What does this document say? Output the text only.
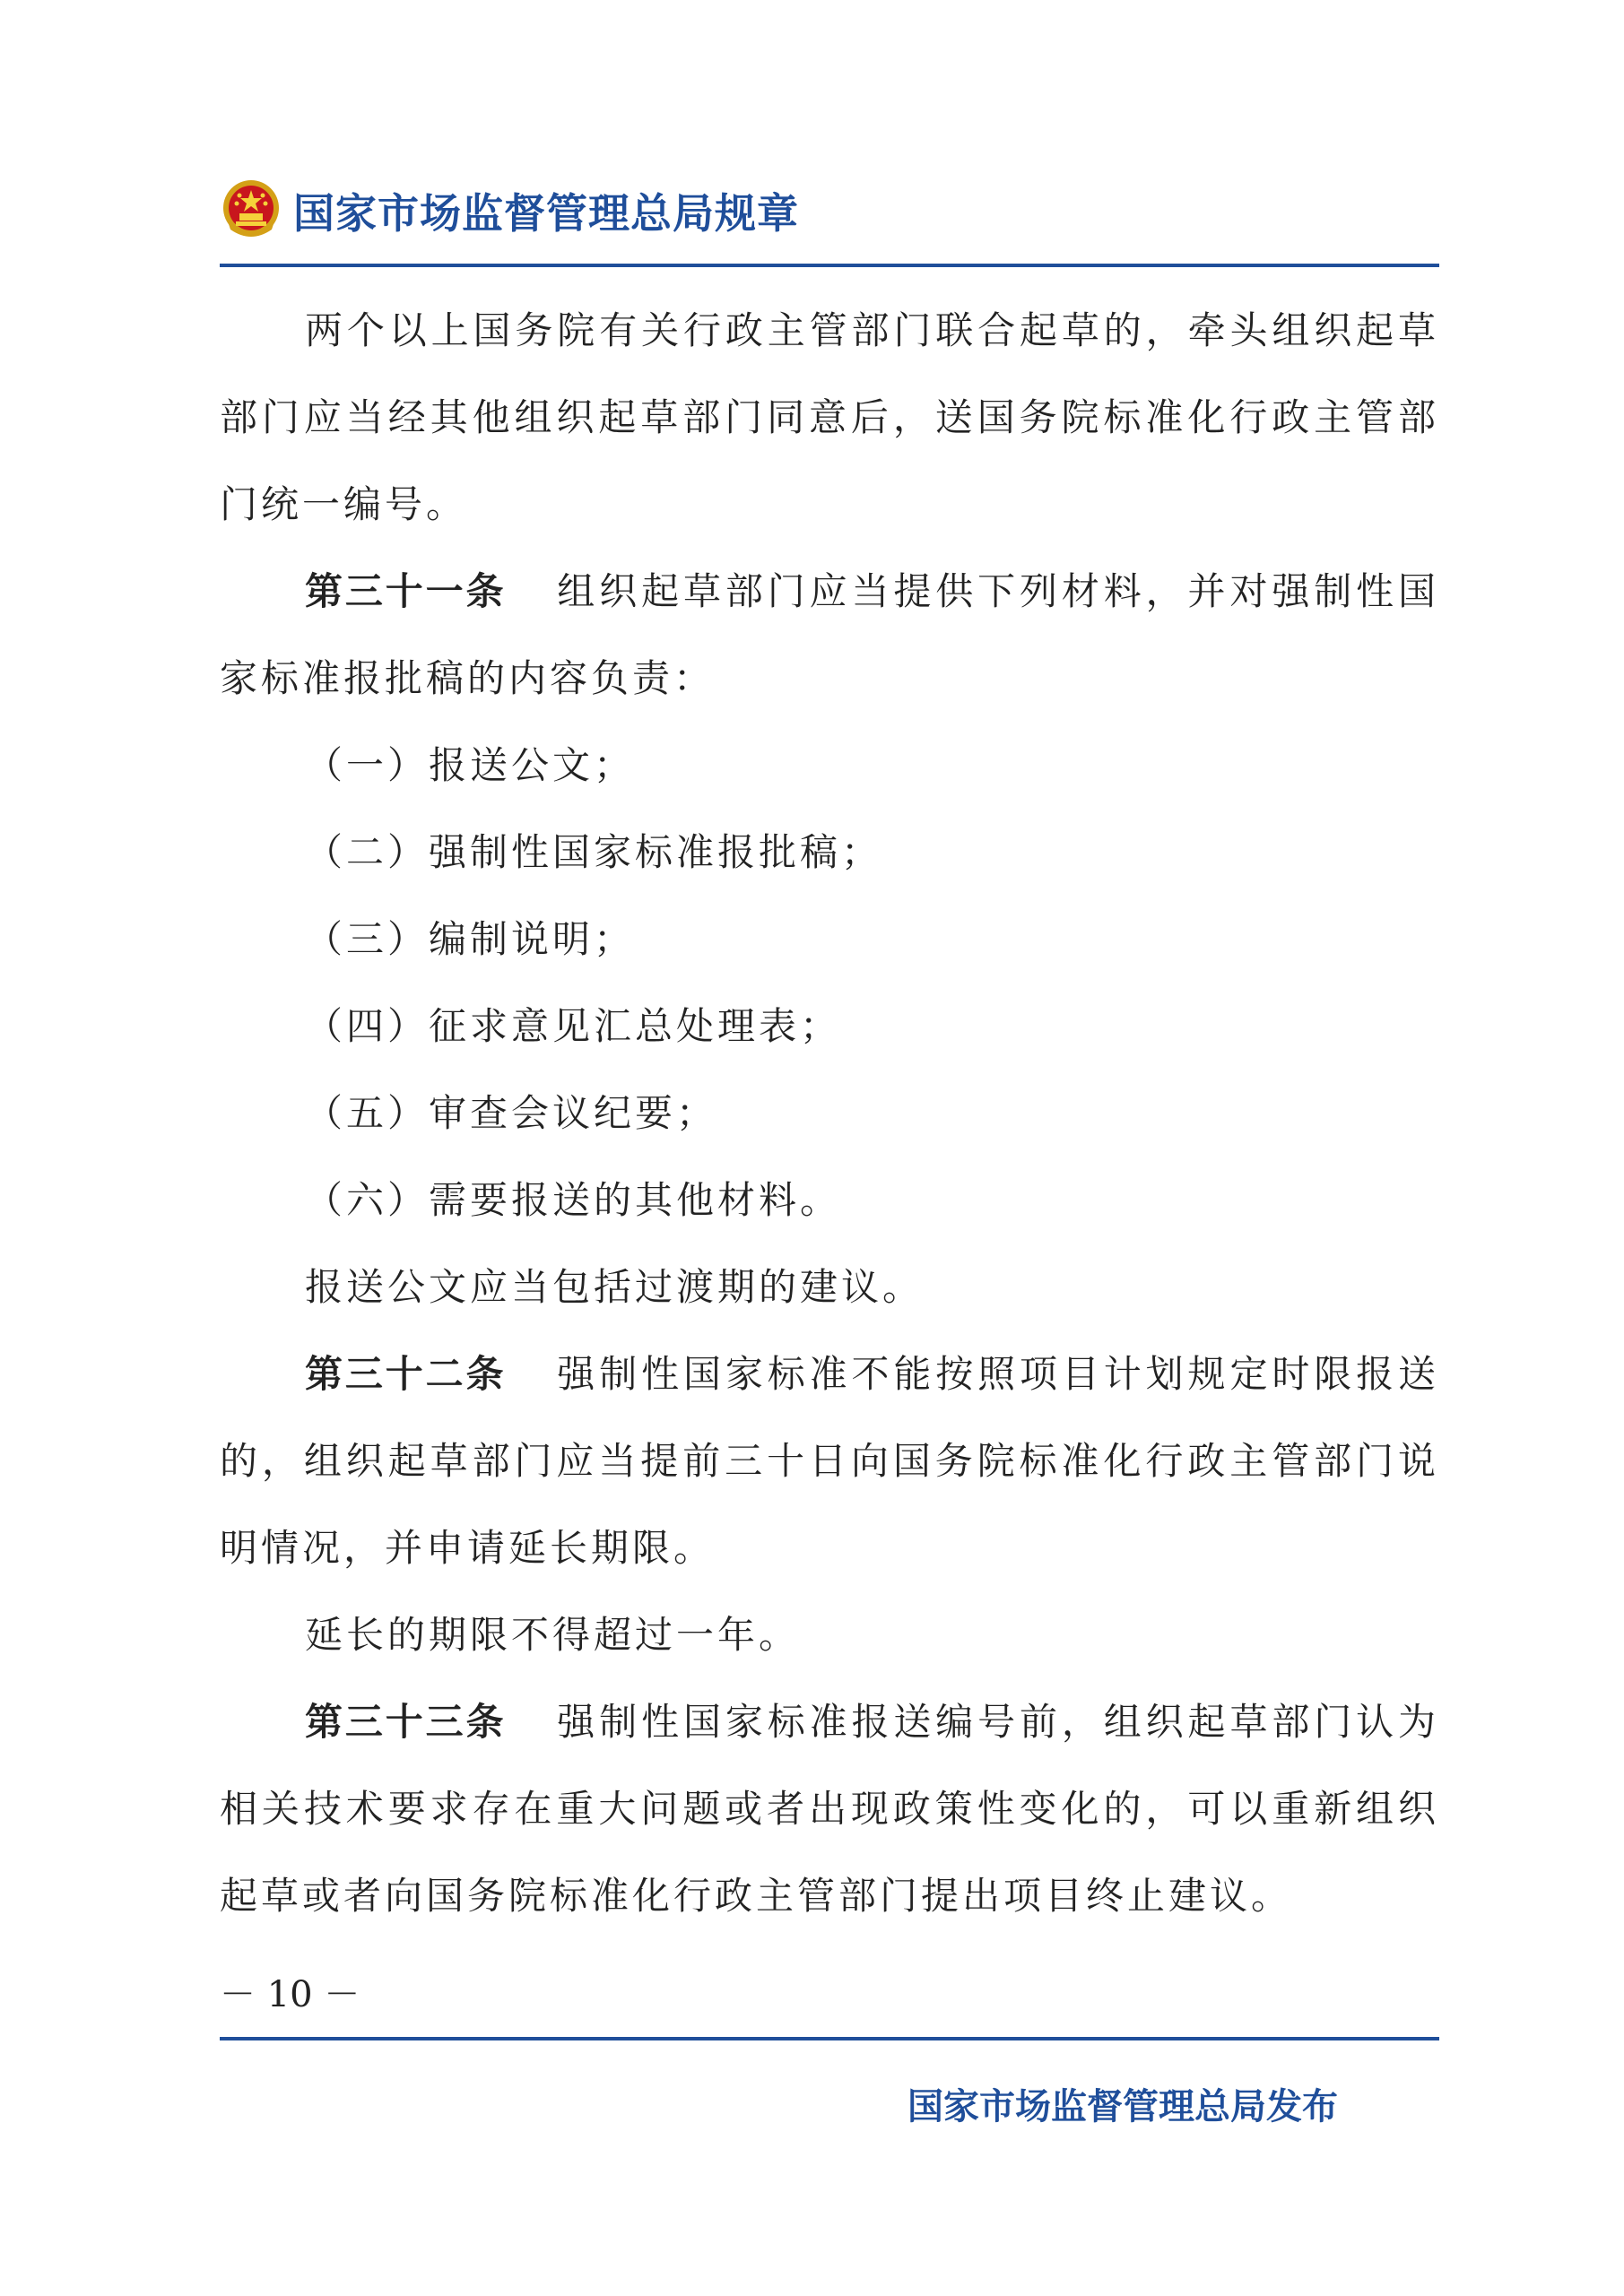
国家市场监督管理总局规章

两个以上国务院有关行政主管部门联合起草的，牵头组织起草部门应当经其他组织起草部门同意后，送国务院标准化行政主管部门统一编号。

第三十一条 组织起草部门应当提供下列材料，并对强制性国家标准报批稿的内容负责：

（一）报送公文；

（二）强制性国家标准报批稿；

（三）编制说明；

（四）征求意见汇总处理表；

（五）审查会议纪要；

（六）需要报送的其他材料。

报送公文应当包括过渡期的建议。

第三十二条 强制性国家标准不能按照项目计划规定时限报送的，组织起草部门应当提前三十日向国务院标准化行政主管部门说明情况，并申请延长期限。

延长的期限不得超过一年。

第三十三条 强制性国家标准报送编号前，组织起草部门认为相关技术要求存在重大问题或者出现政策性变化的，可以重新组织起草或者向国务院标准化行政主管部门提出项目终止建议。

－ 10 －
国家市场监督管理总局发布
